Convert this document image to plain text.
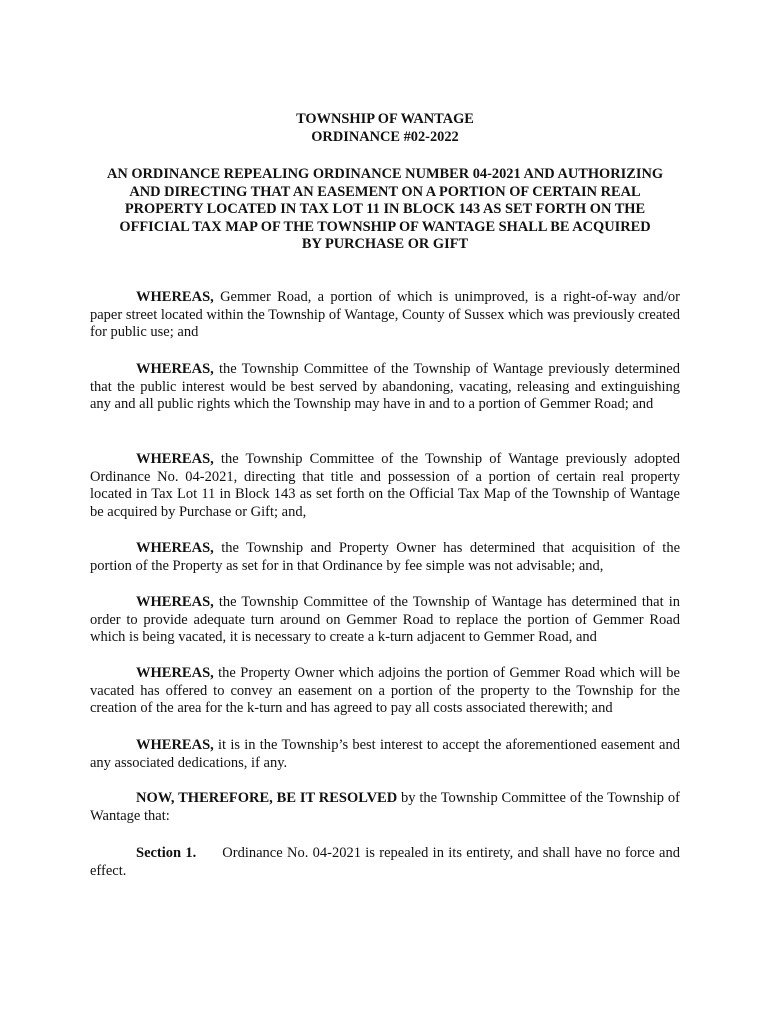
TOWNSHIP OF WANTAGE
ORDINANCE #02-2022
AN ORDINANCE REPEALING ORDINANCE NUMBER 04-2021 AND AUTHORIZING
AND DIRECTING THAT AN EASEMENT ON A PORTION OF CERTAIN REAL
PROPERTY LOCATED IN TAX LOT 11 IN BLOCK 143 AS SET FORTH ON THE
OFFICIAL TAX MAP OF THE TOWNSHIP OF WANTAGE SHALL BE ACQUIRED
BY PURCHASE OR GIFT

WHEREAS, Gemmer Road, a portion of which is unimproved, is a right-of-way and/or paper street located within the Township of Wantage, County of Sussex which was previously created for public use; and

WHEREAS, the Township Committee of the Township of Wantage previously determined that the public interest would be best served by abandoning, vacating, releasing and extinguishing any and all public rights which the Township may have in and to a portion of Gemmer Road; and

WHEREAS, the Township Committee of the Township of Wantage previously adopted Ordinance No. 04-2021, directing that title and possession of a portion of certain real property located in Tax Lot 11 in Block 143 as set forth on the Official Tax Map of the Township of Wantage be acquired by Purchase or Gift; and,

WHEREAS, the Township and Property Owner has determined that acquisition of the portion of the Property as set for in that Ordinance by fee simple was not advisable; and,

WHEREAS, the Township Committee of the Township of Wantage has determined that in order to provide adequate turn around on Gemmer Road to replace the portion of Gemmer Road which is being vacated, it is necessary to create a k-turn adjacent to Gemmer Road, and

WHEREAS, the Property Owner which adjoins the portion of Gemmer Road which will be vacated has offered to convey an easement on a portion of the property to the Township for the creation of the area for the k-turn and has agreed to pay all costs associated therewith; and

WHEREAS, it is in the Township’s best interest to accept the aforementioned easement and any associated dedications, if any.

NOW, THEREFORE, BE IT RESOLVED by the Township Committee of the Township of Wantage that:

Section 1. Ordinance No. 04-2021 is repealed in its entirety, and shall have no force and effect.
